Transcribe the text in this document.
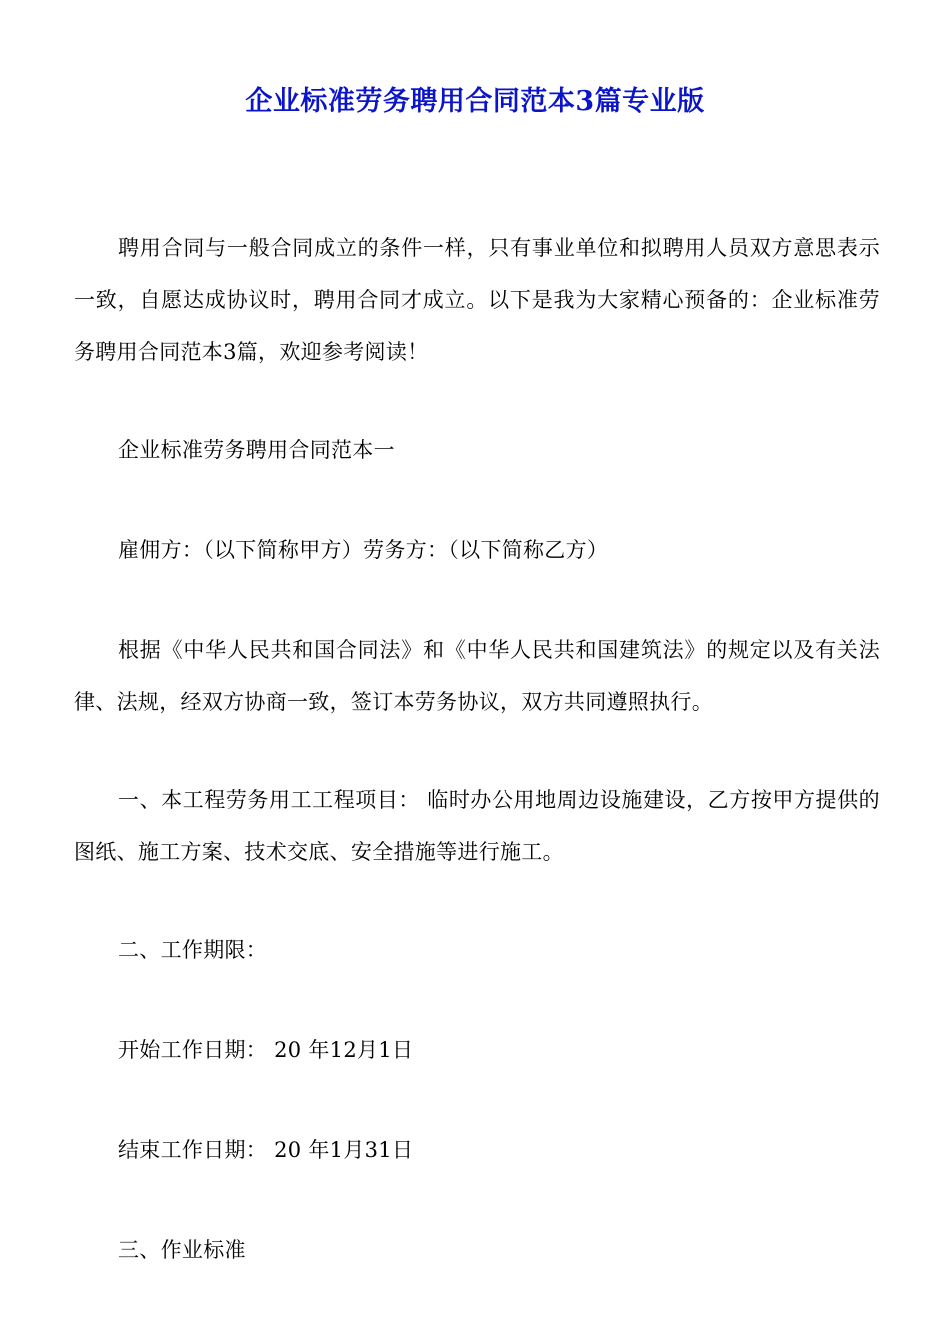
企业标准劳务聘用合同范本3篇专业版
聘用合同与一般合同成立的条件一样，只有事业单位和拟聘用人员双方意思表示一致，自愿达成协议时，聘用合同才成立。以下是我为大家精心预备的：企业标准劳务聘用合同范本3篇，欢迎参考阅读！
企业标准劳务聘用合同范本一
雇佣方：（以下简称甲方）劳务方：（以下简称乙方）
根据《中华人民共和国合同法》和《中华人民共和国建筑法》的规定以及有关法律、法规，经双方协商一致，签订本劳务协议，双方共同遵照执行。
一、本工程劳务用工工程项目： 临时办公用地周边设施建设，乙方按甲方提供的图纸、施工方案、技术交底、安全措施等进行施工。
二、工作期限：
开始工作日期： 20 年12月1日
结束工作日期： 20 年1月31日
三、作业标准
